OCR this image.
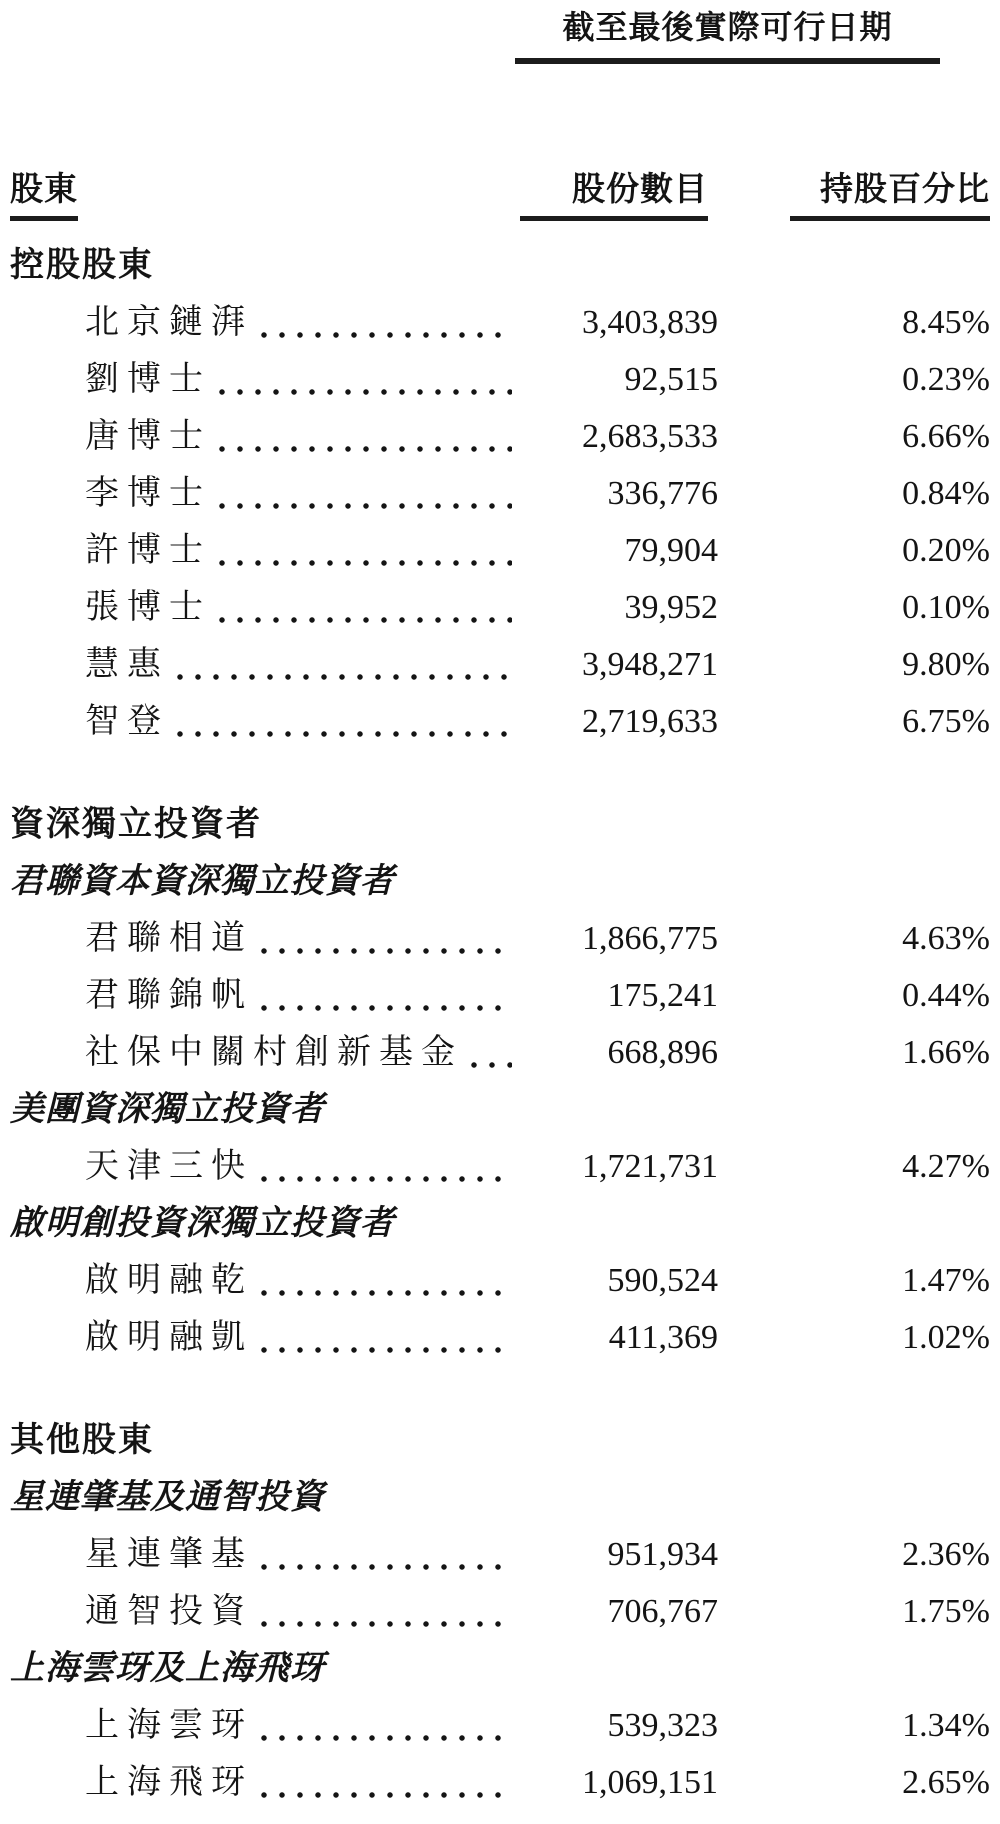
截至最後實際可行日期
股東	股份數目	持股百分比
控股股東
北京鏈湃	3,403,839	8.45%
劉博士	92,515	0.23%
唐博士	2,683,533	6.66%
李博士	336,776	0.84%
許博士	79,904	0.20%
張博士	39,952	0.10%
慧惠	3,948,271	9.80%
智登	2,719,633	6.75%
資深獨立投資者
君聯資本資深獨立投資者
君聯相道	1,866,775	4.63%
君聯錦帆	175,241	0.44%
社保中關村創新基金	668,896	1.66%
美團資深獨立投資者
天津三快	1,721,731	4.27%
啟明創投資深獨立投資者
啟明融乾	590,524	1.47%
啟明融凱	411,369	1.02%
其他股東
星連肇基及通智投資
星連肇基	951,934	2.36%
通智投資	706,767	1.75%
上海雲玡及上海飛玡
上海雲玡	539,323	1.34%
上海飛玡	1,069,151	2.65%
